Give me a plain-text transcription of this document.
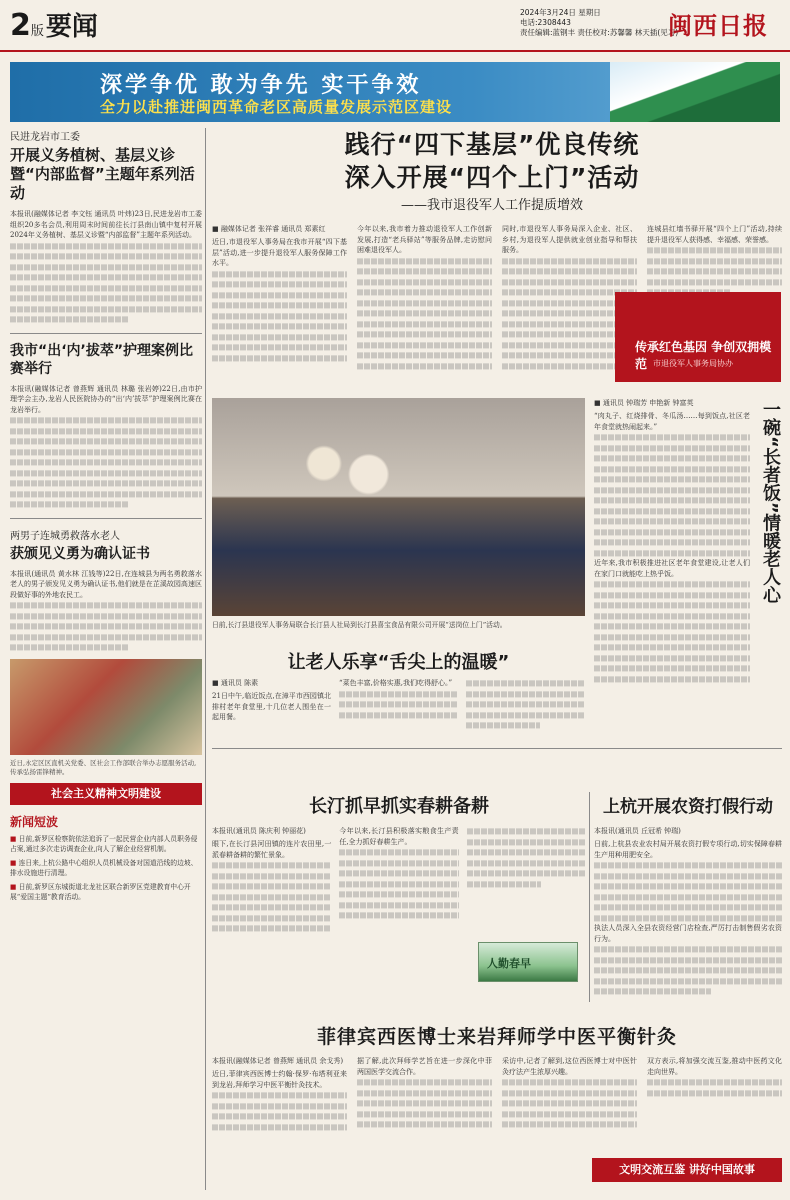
2版要闻	2024年3月24日 星期日
电话:2308443
责任编辑:蓝钢丰 责任校对:苏馨馨 林天插(见习)
闽西日报
深学争优 敢为争先 实干争效
全力以赴推进闽西革命老区高质量发展示范区建设
民进龙岩市工委
开展义务植树、基层义诊暨“内部监督”主题年系列活动

本报讯(融媒体记者 李文钰 通讯员 叶炜)23日,民进龙岩市工委组织20多名会员,利用周末时间前往长汀县南山镇中复村开展2024年义务植树、基层义诊暨“内部监督”主题年系列活动。

我市“出‘内’拔萃”护理案例比赛举行

本报讯(融媒体记者 曾燕辉 通讯员 林璐 张岩婷)22日,由市护理学会主办,龙岩人民医院协办的“出‘内’拔萃”护理案例比赛在龙岩举行。

两男子连城勇救落水老人
获颁见义勇为确认证书

本报讯(通讯员 黄水林 江钱等)22日,在连城县为两名勇救落水老人的男子颁发见义勇为确认证书,他们就是在芷溪故园高速区段做好事的外地农民工。

近日,永定区区直机关党委、区社会工作部联合举办志愿服务活动,传承弘扬雷锋精神。

社会主义精神文明建设
新闻短波

■ 日前,新罗区检察院依法追诉了一起民营企业内部人员职务侵占案,通过多次走访调查企业,向人了解企业经营机制。

■ 连日来,上杭公路中心组织人员机械设备对国道沿线的边坡、排水设施进行清理。

■ 日前,新罗区东城街道北龙社区联合新罗区党建教育中心开展“爱国主题”教育活动。

践行“四下基层”优良传统
深入开展“四个上门”活动
——我市退役军人工作提质增效
■ 融媒体记者 张祥睿 通讯员 郑素红

近日,市退役军人事务局在我市开展“四下基层”活动,进一步提升退役军人服务保障工作水平。

今年以来,我市着力推动退役军人工作创新发展,打造“老兵驿站”等服务品牌,走访慰问困难退役军人。

同时,市退役军人事务局深入企业、社区、乡村,为退役军人提供就业创业指导和帮扶服务。

连城县红墙书驿开展“四个上门”活动,持续提升退役军人获得感、幸福感、荣誉感。

传承红色基因 争创双拥模范 市退役军人事务局协办

日前,长汀县退役军人事务局联合长汀县人社局到长汀县喜宝食品有限公司开展“送岗位上门”活动。

■ 通讯员 钟瑞芳 申艳新 钟富英

“肉丸子、红烧排骨、冬瓜汤……每到饭点,社区老年食堂就热闹起来。”

近年来,我市积极推进社区老年食堂建设,让老人们在家门口就能吃上热乎饭。	一碗“长者饭”情暖老人心
让老人乐享“舌尖上的温暖”
■ 通讯员 陈素

21日中午,临近饭点,在漳平市西园镇北排村老年食堂里,十几位老人围坐在一起用餐。

“菜色丰富,价格实惠,我们吃得舒心。”

长汀抓早抓实春耕备耕
本报讯(通讯员 陈庆利 钟丽花)

眼下,在长汀县河田镇的连片农田里,一派春耕备耕的繁忙景象。

今年以来,长汀县积极落实粮食生产责任,全力抓好春耕生产。

人勤春早
上杭开展农资打假行动
本报讯(通讯员 丘冠希 钟瑞)

日前,上杭县农业农村局开展农资打假专项行动,切实保障春耕生产用种用肥安全。

执法人员深入全县农资经营门店检查,严厉打击制售假劣农资行为。

菲律宾西医博士来岩拜师学中医平衡针灸
本报讯(融媒体记者 曾燕辉 通讯员 余戈秀)

近日,菲律宾西医博士约翰·保罗·布塔利亚来到龙岩,拜师学习中医平衡针灸技术。

据了解,此次拜师学艺旨在进一步深化中菲两国医学交流合作。

采访中,记者了解到,这位西医博士对中医针灸疗法产生浓厚兴趣。

双方表示,将加强交流互鉴,推动中医药文化走向世界。

文明交流互鉴 讲好中国故事
